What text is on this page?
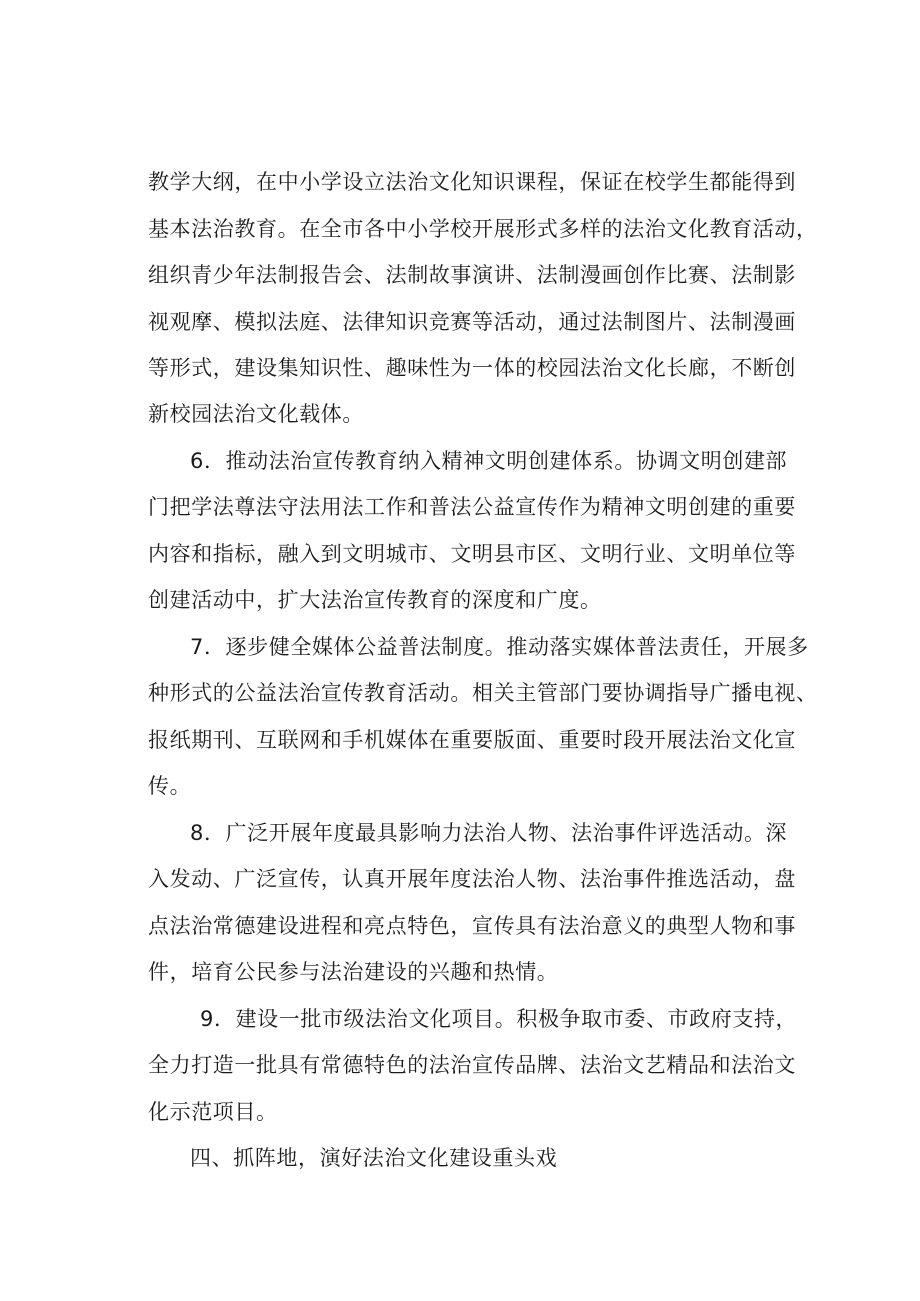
教学大纲，在中小学设立法治文化知识课程，保证在校学生都能得到
基本法治教育。在全市各中小学校开展形式多样的法治文化教育活动，
组织青少年法制报告会、法制故事演讲、法制漫画创作比赛、法制影
视观摩、模拟法庭、法律知识竞赛等活动，通过法制图片、法制漫画
等形式，建设集知识性、趣味性为一体的校园法治文化长廊，不断创
新校园法治文化载体。
6．推动法治宣传教育纳入精神文明创建体系。协调文明创建部
门把学法尊法守法用法工作和普法公益宣传作为精神文明创建的重要
内容和指标，融入到文明城市、文明县市区、文明行业、文明单位等
创建活动中，扩大法治宣传教育的深度和广度。
7．逐步健全媒体公益普法制度。推动落实媒体普法责任，开展多
种形式的公益法治宣传教育活动。相关主管部门要协调指导广播电视、
报纸期刊、互联网和手机媒体在重要版面、重要时段开展法治文化宣
传。
8．广泛开展年度最具影响力法治人物、法治事件评选活动。深
入发动、广泛宣传，认真开展年度法治人物、法治事件推选活动，盘
点法治常德建设进程和亮点特色，宣传具有法治意义的典型人物和事
件，培育公民参与法治建设的兴趣和热情。
9．建设一批市级法治文化项目。积极争取市委、市政府支持，
全力打造一批具有常德特色的法治宣传品牌、法治文艺精品和法治文
化示范项目。
四、抓阵地，演好法治文化建设重头戏
